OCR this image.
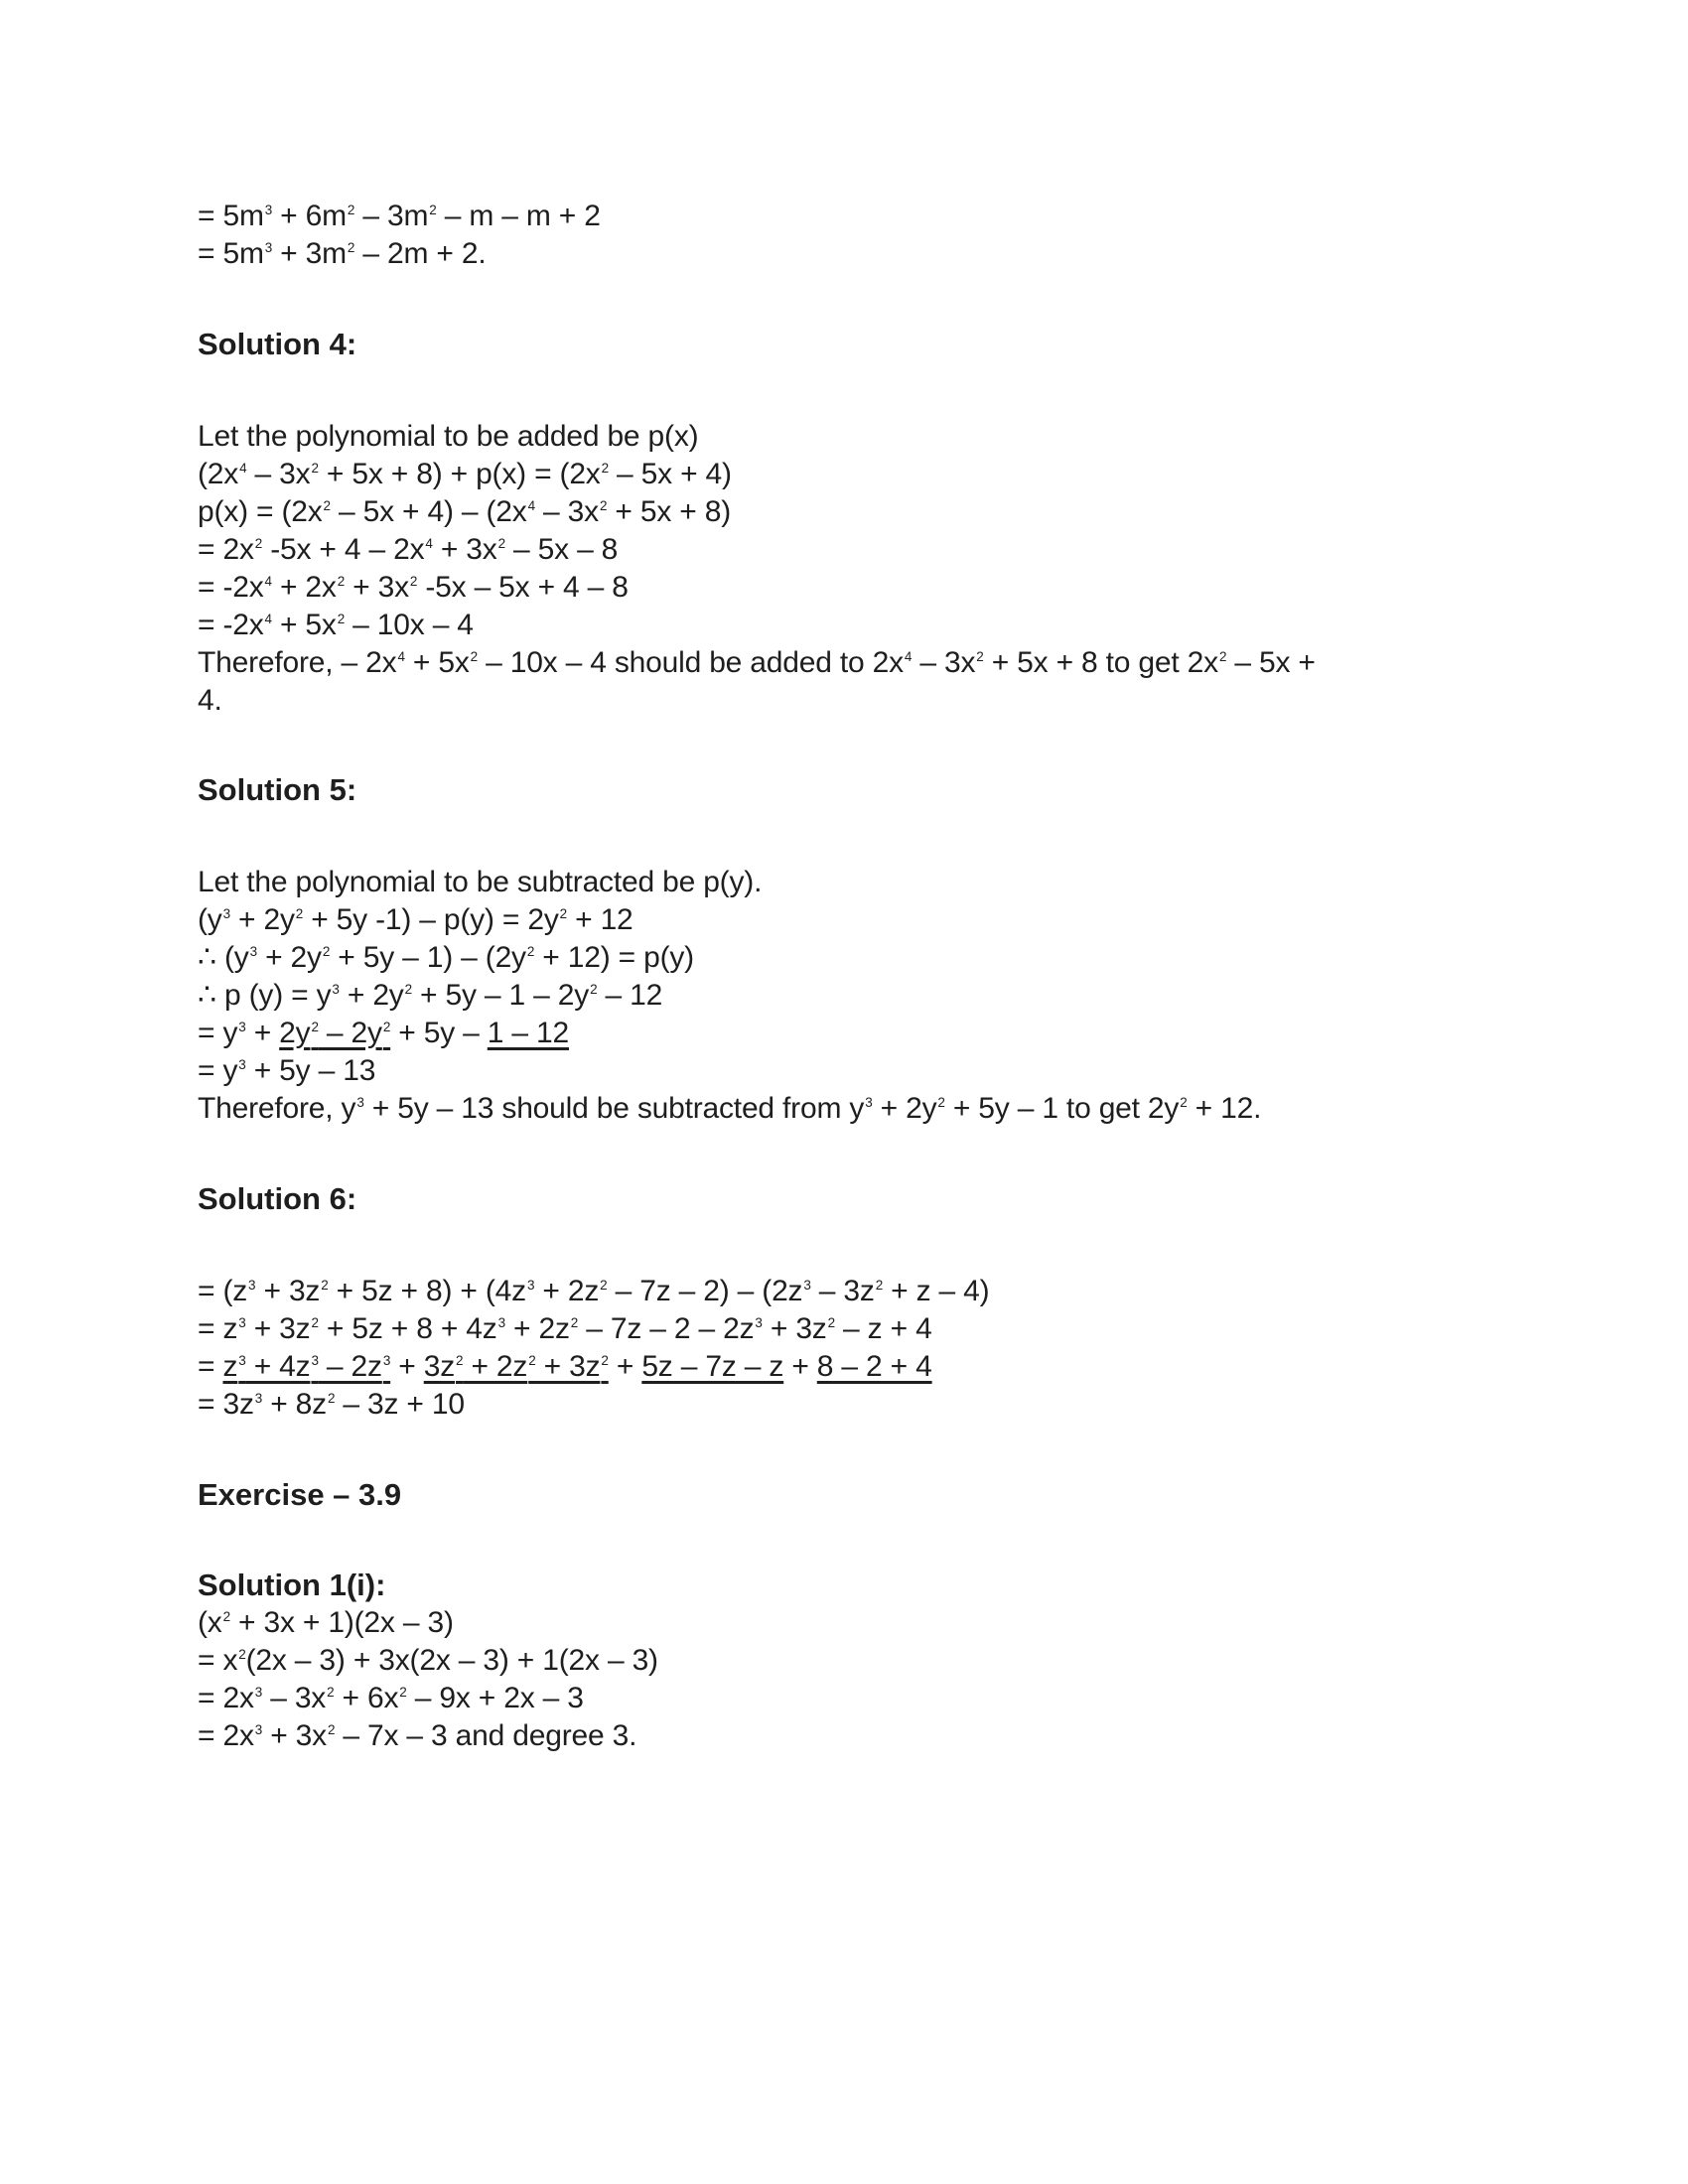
= $5m^3 + 6m^2 - 3m^2 - m - m + 2$
= $5m^3 + 3m^2 - 2m + 2$.
Solution 4:
Let the polynomial to be added be p(x)
$(2x^4 - 3x^2 + 5x + 8) + p(x) = (2x^2 - 5x + 4)$
$p(x) = (2x^2 - 5x + 4) - (2x^4 - 3x^2 + 5x + 8)$
= $2x^2$ $-5x + 4 - 2x^4 + 3x^2 - 5x - 8$
= $-2x^4 + 2x^2 + 3x^2$ -5x – 5x + 4 – 8
= $-2x^4 + 5x^2 - 10x - 4$
Therefore, – $2x^4 + 5x^2 - 10x - 4$ should be added to $2x^4 - 3x^2 + 5x + 8$ to get $2x^2 - 5x$ +
4.
Solution 5:
Let the polynomial to be subtracted be p(y).
($y^3 + 2y^2 + 5y$ $-1) - p(y) = 2y^2 + 12$
∴ $(y^3 + 2y^2 + 5y - 1) - (2y^2 + 12) = p(y)$
∴ p $(y) = y^3 + 2y^2 + 5y - 1 - 2y^2 - 12$
= $y^3 + 2y^2 - 2y^2 + 5y - 1 - 12$
= $y^3 + 5y - 13$
Therefore, $y^3 + 5y - 13$ should be subtracted from $y^3 + 2y^2 + 5y - 1$ to get $2y^2 + 12$.
Solution 6:
= $(z^3 + 3z^2 + 5z + 8) + (4z^3 + 2z^2 - 7z - 2) - (2z^3 - 3z^2 + z - 4)$
= $z^3 + 3z^2 + 5z + 8 + 4z^3 + 2z^2 - 7z - 2 - 2z^3 + 3z^2 - z + 4$
= $z^3 + 4z^3 - 2z^3 + 3z^2 + 2z^2 + 3z^2 + 5z - 7z - z + 8 - 2 + 4$
= $3z^3 + 8z^2 - 3z + 10$
Exercise – 3.9
Solution 1(i):
$(x^2 + 3x + 1)(2x - 3)$
= $x^2(2x - 3) + 3x(2x - 3) + 1(2x - 3)$
= $2x^3 - 3x^2 + 6x^2 - 9x + 2x - 3$
= $2x^3 + 3x^2 - 7x - 3$ and degree 3.
